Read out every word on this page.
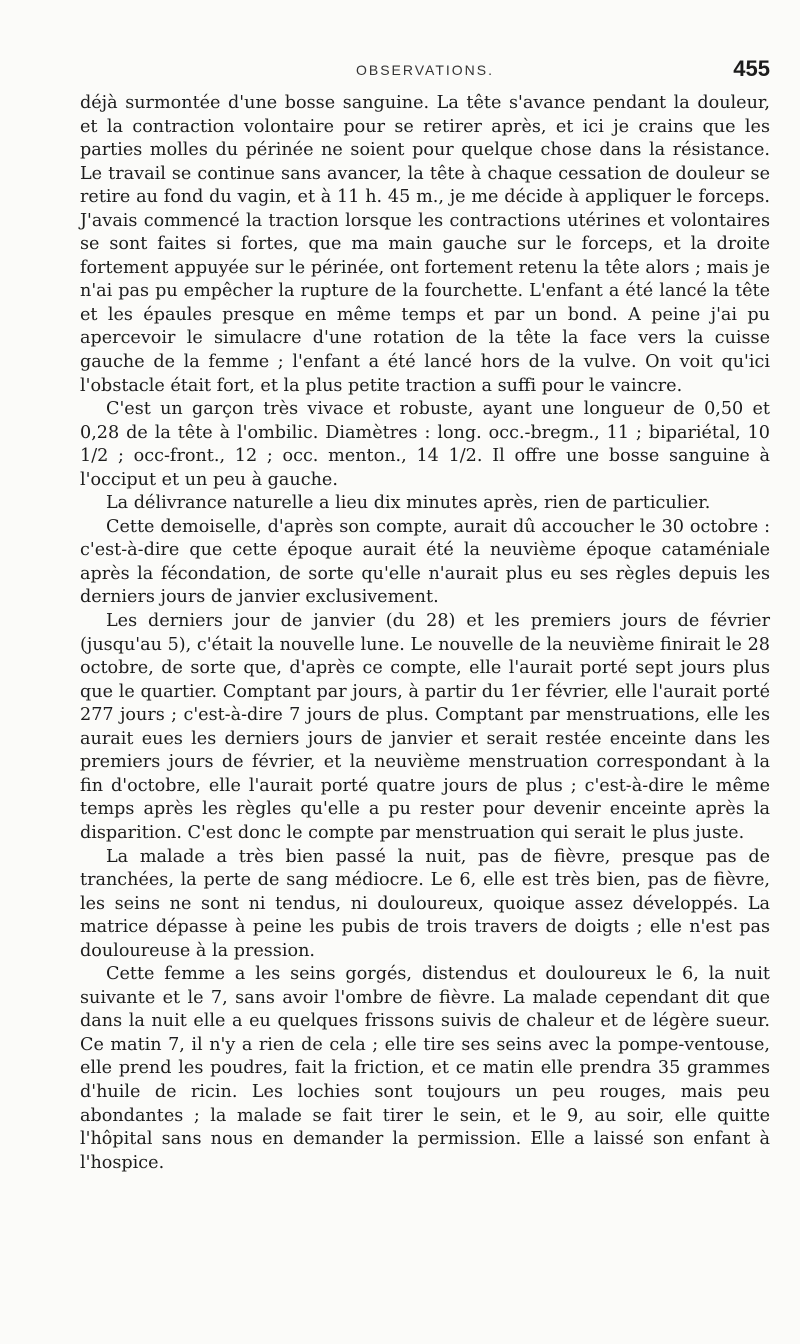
OBSERVATIONS.	455

déjà surmontée d'une bosse sanguine. La tête s'avance pendant la douleur, et la contraction volontaire pour se retirer après, et ici je crains que les parties molles du périnée ne soient pour quelque chose dans la résistance. Le travail se continue sans avancer, la tête à chaque cessation de douleur se retire au fond du vagin, et à 11 h. 45 m., je me décide à appliquer le forceps. J'avais commencé la traction lorsque les contractions utérines et volontaires se sont faites si fortes, que ma main gauche sur le forceps, et la droite fortement appuyée sur le périnée, ont fortement retenu la tête alors ; mais je n'ai pas pu empêcher la rupture de la fourchette. L'enfant a été lancé la tête et les épaules presque en même temps et par un bond. A peine j'ai pu apercevoir le simulacre d'une rotation de la tête la face vers la cuisse gauche de la femme ; l'enfant a été lancé hors de la vulve. On voit qu'ici l'obstacle était fort, et la plus petite traction a suffi pour le vaincre.

C'est un garçon très vivace et robuste, ayant une longueur de 0,50 et 0,28 de la tête à l'ombilic. Diamètres : long. occ.-bregm., 11 ; bipariétal, 10 1/2 ; occ-front., 12 ; occ. menton., 14 1/2. Il offre une bosse sanguine à l'occiput et un peu à gauche.

La délivrance naturelle a lieu dix minutes après, rien de particulier.

Cette demoiselle, d'après son compte, aurait dû accoucher le 30 octobre : c'est-à-dire que cette époque aurait été la neuvième époque cataméniale après la fécondation, de sorte qu'elle n'aurait plus eu ses règles depuis les derniers jours de janvier exclusivement.

Les derniers jour de janvier (du 28) et les premiers jours de février (jusqu'au 5), c'était la nouvelle lune. Le nouvelle de la neuvième finirait le 28 octobre, de sorte que, d'après ce compte, elle l'aurait porté sept jours plus que le quartier. Comptant par jours, à partir du 1er février, elle l'aurait porté 277 jours ; c'est-à-dire 7 jours de plus. Comptant par menstruations, elle les aurait eues les derniers jours de janvier et serait restée enceinte dans les premiers jours de février, et la neuvième menstruation correspondant à la fin d'octobre, elle l'aurait porté quatre jours de plus ; c'est-à-dire le même temps après les règles qu'elle a pu rester pour devenir enceinte après la disparition. C'est donc le compte par menstruation qui serait le plus juste.

La malade a très bien passé la nuit, pas de fièvre, presque pas de tranchées, la perte de sang médiocre. Le 6, elle est très bien, pas de fièvre, les seins ne sont ni tendus, ni douloureux, quoique assez développés. La matrice dépasse à peine les pubis de trois travers de doigts ; elle n'est pas douloureuse à la pression.

Cette femme a les seins gorgés, distendus et douloureux le 6, la nuit suivante et le 7, sans avoir l'ombre de fièvre. La malade cependant dit que dans la nuit elle a eu quelques frissons suivis de chaleur et de légère sueur. Ce matin 7, il n'y a rien de cela ; elle tire ses seins avec la pompe-ventouse, elle prend les poudres, fait la friction, et ce matin elle prendra 35 grammes d'huile de ricin. Les lochies sont toujours un peu rouges, mais peu abondantes ; la malade se fait tirer le sein, et le 9, au soir, elle quitte l'hôpital sans nous en demander la permission. Elle a laissé son enfant à l'hospice.
